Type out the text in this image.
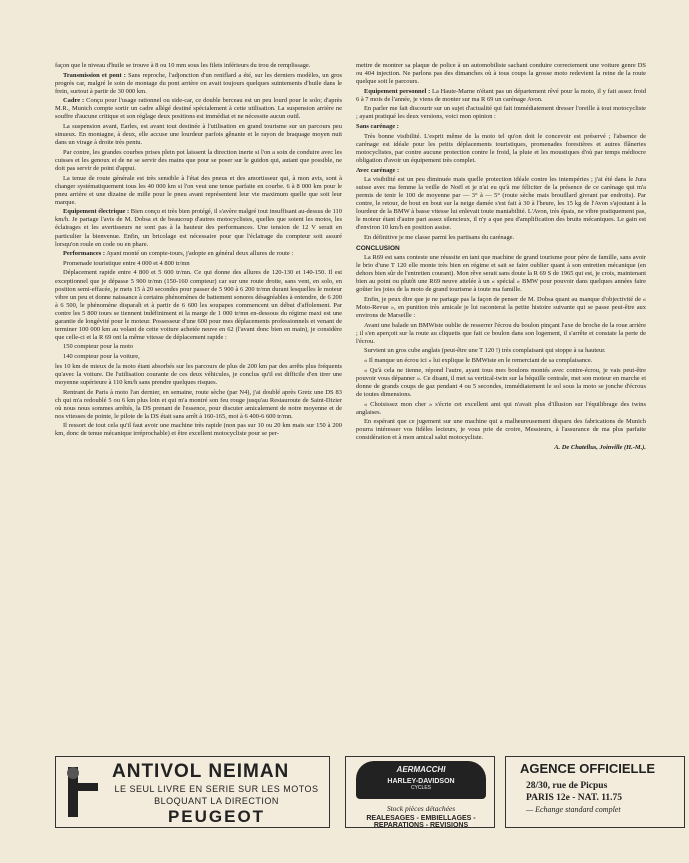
façon que le niveau d'huile se trouve à 8 ou 10 mm sous les filets inférieurs du trou de remplissage.

Transmission et pont : Sans reproche, l'adjonction d'un reniflard a été, sur les derniers modèles, un gros progrès car, malgré le soin de montage du pont arrière on avait toujours quelques suintements d'huile dans le frein, surtout à partir de 30 000 km.

Cadre : Conçu pour l'usage rationnel ou side-car, ce double berceau est un peu lourd pour le solo; d'après M.R., Munich compte sortir un cadre allégé destiné spécialement à cette utilisation. La suspension arrière ne souffre d'aucune critique et son réglage deux positions est immédiat et ne nécessite aucun outil.

La suspension avant, Earles, est avant tout destinée à l'utilisation en grand tourisme sur un parcours peu sinueux. En montagne, à deux, elle accuse une lourdeur parfois gênante et le rayon de braquage moyen nuit dans un virage à droite très pentu.

Par contre, les grandes courbes prises plein pot laissent la direction inerte si l'on a soin de conduire avec les cuisses et les genoux et de ne se servir des mains que pour se poser sur le guidon qui, autant que possible, ne doit pas servir de point d'appui.

La tenue de route générale est très sensible à l'état des pneus et des amortisseur qui, à mon avis, sont à changer systématiquement tous les 40 000 km si l'on veut une tenue parfaite en courbe. 6 à 8 000 km pour le pneu arrière et une dizaine de mille pour le pneu avant représentent leur vie maximum quelle que soit leur marque.

Equipement électrique : Bien conçu et très bien protégé, il s'avère malgré tout insuffisant au-dessus de 110 km/h. Je partage l'avis de M. Dobsa et de beaucoup d'autres motocyclistes, quelles que soient les motos, les éclairages et les avertisseurs ne sont pas à la hauteur des performances. Une tension de 12 V serait en particulier la bienvenue. Enfin, un bricolage est nécessaire pour que l'éclairage du compteur soit assuré lorsqu'on roule en code ou en phare.

Performances : Ayant monté un compte-tours, j'adopte en général deux allures de route :

Promenade touristique entre 4 000 et 4 800 tr/mn

Déplacement rapide entre 4 800 et 5 600 tr/mn. Ce qui donne des allures de 120-130 et 140-150. Il est exceptionnel que je dépasse 5 900 tr/mn (150-160 compteur) car sur une route droite, sans vent, en solo, en position semi-effacée, je mets 15 à 20 secondes pour passer de 5 900 à 6 200 tr/mn durant lesquelles le moteur vibre un peu et donne naissance à certains phénomènes de battement sonores désagréables à entendre, de 6 200 à 6 500, le phénomène disparaît et à partir de 6 600 les soupapes commencent un début d'affolement. Par contre les 5 800 tours se tiennent indéfiniment et la marge de 1 000 tr/mn en-dessous du régime maxi est une garantie de longévité pour le moteur. Possesseur d'une 600 pour mes déplacements professionnels et venant de terminer 100 000 km au volant de cette voiture achetée neuve en 62 (l'avant donc bien en main), je considère que celle-ci et la R 69 ont la même vitesse de déplacement rapide :

150 compteur pour la moto

140 compteur pour la voiture,

les 10 km de mieux de la moto étant absorbés sur les parcours de plus de 200 km par des arrêts plus fréquents qu'avec la voiture. De l'utilisation courante de ces deux véhicules, je conclus qu'il est difficile d'en tirer une moyenne supérieure à 110 km/h sans prendre quelques risques.

Rentrant de Paris à moto l'an dernier, en semaine, route sèche (par N4), j'ai doublé après Gretz une DS 83 ch qui m'a redoublé 5 ou 6 km plus loin et qui m'a montré son feu rouge jusqu'au Restauroute de Saint-Dizier où nous nous sommes arrêtés, la DS prenant de l'essence, pour discuter amicalement de notre moyenne et de nos vitesses de pointe, le pilote de la DS était sans arrêt à 160-165, moi à 6 400-6 600 tr/mn.

Il ressort de tout cela qu'il faut avoir une machine très rapide (non pas sur 10 ou 20 km mais sur 150 à 200 km, donc de tenue mécanique irréprochable) et être excellent motocycliste pour se per-

mettre de montrer sa plaque de police à un automobiliste sachant conduire correctement une voiture genre DS ou 404 injection. Ne parlons pas des dimanches où à tous coups la grosse moto redevient la reine de la route quelque soit le parcours.

Equipement personnel : La Haute-Marne n'étant pas un département rêvé pour la moto, il y fait assez froid 6 à 7 mois de l'année, je viens de monter sur ma R 69 un carénage Avon.

En parler me fait discourir sur un sujet d'actualité qui fait immédiatement dresser l'oreille à tout motocycliste ; ayant pratiqué les deux versions, voici mon opinion :

Sans carénage :

Très bonne visibilité. L'esprit même de la moto tel qu'on doit le concevoir est préservé ; l'absence de carénage est idéale pour les petits déplacements touristiques, promenades forestières et autres flâneries motocyclistes, par contre aucune protection contre le froid, la pluie et les moustiques d'où par temps médiocre obligation d'avoir un équipement très complet.

Avec carénage :

La visibilité est un peu diminuée mais quelle protection idéale contre les intempéries ; j'ai été dans le Jura suisse avec ma femme la veille de Noël et je n'ai eu qu'à me féliciter de la présence de ce carénage qui m'a permis de tenir le 100 de moyenne par — 3° à — 5° (route sèche mais brouillard givrant par endroits). Par contre, le retour, de bout en bout sur la neige damée s'est fait à 30 à l'heure, les 15 kg de l'Avon s'ajoutant à la lourdeur de la BMW à basse vitesse lui enlevait toute maniabilité. L'Avon, très épais, ne vibre pratiquement pas, le moteur étant d'autre part assez silencieux, il n'y a que peu d'amplification des bruits mécaniques. Le gain est d'environ 10 km/h en position assise.

En définitive je me classe parmi les partisans du carénage.

CONCLUSION

La R69 est sans conteste une réussite en tant que machine de grand tourisme pour père de famille, sans avoir le brio d'une T 120 elle monte très bien en régime et sait se faire oublier quant à son entretien mécanique (en dehors bien sûr de l'entretien courant). Mon rêve serait sans doute la R 69 S de 1965 qui est, je crois, maintenant bien au point ou plutôt une R69 neuve attelée à un « spécial » BMW pour pouvoir dans quelques années faire goûter les joies de la moto de grand tourisme à toute ma famille.

Enfin, je peux dire que je ne partage pas la façon de penser de M. Dobsa quant au manque d'objectivité de « Moto-Revue », en punition très amicale je lui raconterai la petite histoire suivante qui se passe peut-être aux environs de Marseille :

Avant une balade un BMWiste oublie de resserrer l'écrou du boulon pinçant l'axe de broche de la roue arrière ; il s'en aperçoit sur la route au cliquetis que fait ce boulon dans son logement, il s'arrête et constate la perte de l'écrou.

Survient un gros cube anglais (peut-être une T 120 !) très complaisant qui stoppe à sa hauteur.

« Il manque un écrou ici » lui explique le BMWiste en le remerciant de sa complaisance.

« Qu'à cela ne tienne, répond l'autre, ayant tous mes boulons montés avec contre-écrou, je vais peut-être pouvoir vous dépanner ». Ce disant, il met sa vertical-twin sur la béquille centrale, met son moteur en marche et donne de grands coups de gaz pendant 4 ou 5 secondes, immédiatement le sol sous la moto se jonche d'écrous de toutes dimensions.

« Choisissez mon cher » s'écrie cet excellent ami qui n'avait plus d'illusion sur l'équilibrage des twins anglaises.

En espérant que ce jugement sur une machine qui a malheureusement disparu des fabrications de Munich pourra intéresser vos fidèles lecteurs, je vous prie de croire, Messieurs, à l'assurance de ma plus parfaite considération et à mon amical salut motocycliste.

A. De Chatellus, Joinville (H.-M.).

ANTIVOL NEIMAN
LE SEUL LIVRE EN SERIE SUR LES MOTOS
BLOQUANT LA DIRECTION
PEUGEOT
AERMACCHI
HARLEY-DAVIDSON
CYCLES
Stock pièces détachées
REALESAGES - EMBIELLAGES - REPARATIONS - REVISIONS
AGENCE OFFICIELLE
28/30, rue de Picpus
PARIS 12e - NAT. 11.75
— Echange standard complet
